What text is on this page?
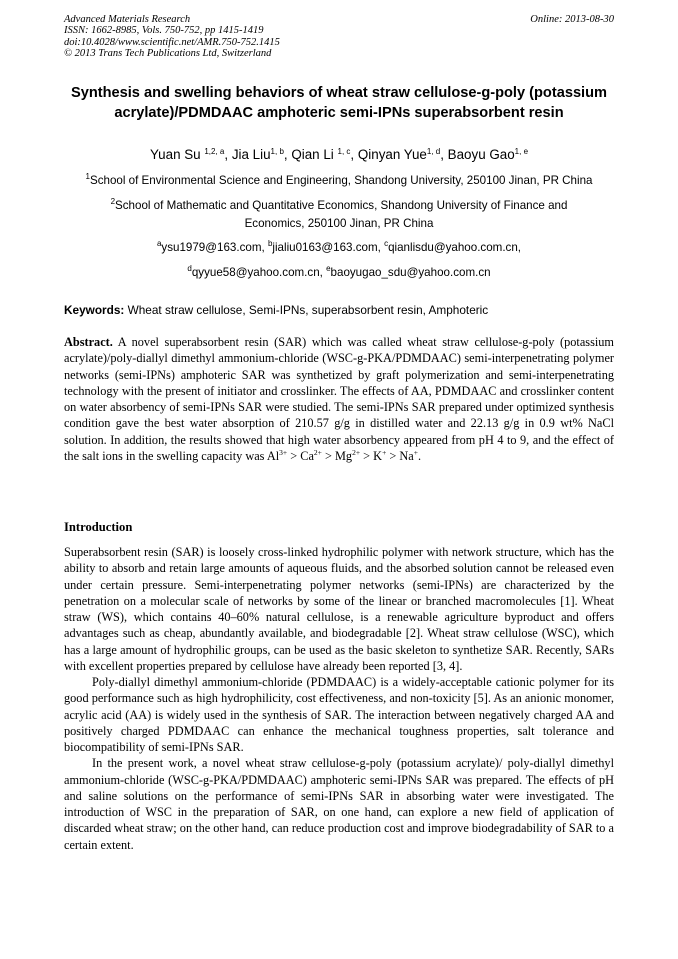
Advanced Materials Research
ISSN: 1662-8985, Vols. 750-752, pp 1415-1419
doi:10.4028/www.scientific.net/AMR.750-752.1415
© 2013 Trans Tech Publications Ltd, Switzerland
Online: 2013-08-30
Synthesis and swelling behaviors of wheat straw cellulose-g-poly (potassium acrylate)/PDMDAAC amphoteric semi-IPNs superabsorbent resin
Yuan Su $^{1,2, a}$, Jia Liu$^{1, b}$, Qian Li $^{1, c}$, Qinyan Yue$^{1, d}$, Baoyu Gao$^{1, e}$
$^1$School of Environmental Science and Engineering, Shandong University, 250100 Jinan, PR China
$^2$School of Mathematic and Quantitative Economics, Shandong University of Finance and Economics, 250100 Jinan, PR China
$^a$ysu1979@163.com, $^b$jialiu0163@163.com, $^c$qianlisdu@yahoo.com.cn,
$^d$qyyue58@yahoo.com.cn, $^e$baoyugao_sdu@yahoo.com.cn
Keywords: Wheat straw cellulose, Semi-IPNs, superabsorbent resin, Amphoteric
Abstract. A novel superabsorbent resin (SAR) which was called wheat straw cellulose-g-poly (potassium acrylate)/poly-diallyl dimethyl ammonium-chloride (WSC-g-PKA/PDMDAAC) semi-interpenetrating polymer networks (semi-IPNs) amphoteric SAR was synthetized by graft polymerization and semi-interpenetrating technology with the present of initiator and crosslinker. The effects of AA, PDMDAAC and crosslinker content on water absorbency of semi-IPNs SAR were studied. The semi-IPNs SAR prepared under optimized synthesis condition gave the best water absorption of 210.57 g/g in distilled water and 22.13 g/g in 0.9 wt% NaCl solution. In addition, the results showed that high water absorbency appeared from pH 4 to 9, and the effect of the salt ions in the swelling capacity was $Al^{3+} > Ca^{2+} > Mg^{2+} > K^+ > Na^+$.
Introduction

Superabsorbent resin (SAR) is loosely cross-linked hydrophilic polymer with network structure, which has the ability to absorb and retain large amounts of aqueous fluids, and the absorbed solution cannot be released even under certain pressure. Semi-interpenetrating polymer networks (semi-IPNs) are characterized by the penetration on a molecular scale of networks by some of the linear or branched macromolecules [1]. Wheat straw (WS), which contains 40–60% natural cellulose, is a renewable agriculture byproduct and offers advantages such as cheap, abundantly available, and biodegradable [2]. Wheat straw cellulose (WSC), which has a large amount of hydrophilic groups, can be used as the basic skeleton to synthetize SAR. Recently, SARs with excellent properties prepared by cellulose have already been reported [3, 4].

Poly-diallyl dimethyl ammonium-chloride (PDMDAAC) is a widely-acceptable cationic polymer for its good performance such as high hydrophilicity, cost effectiveness, and non-toxicity [5]. As an anionic monomer, acrylic acid (AA) is widely used in the synthesis of SAR. The interaction between negatively charged AA and positively charged PDMDAAC can enhance the mechanical toughness properties, salt tolerance and biocompatibility of semi-IPNs SAR.

In the present work, a novel wheat straw cellulose-g-poly (potassium acrylate)/ poly-diallyl dimethyl ammonium-chloride (WSC-g-PKA/PDMDAAC) amphoteric semi-IPNs SAR was prepared. The effects of pH and saline solutions on the performance of semi-IPNs SAR in absorbing water were investigated. The introduction of WSC in the preparation of SAR, on one hand, can explore a new field of application of discarded wheat straw; on the other hand, can reduce production cost and improve biodegradability of SAR to a certain extent.
